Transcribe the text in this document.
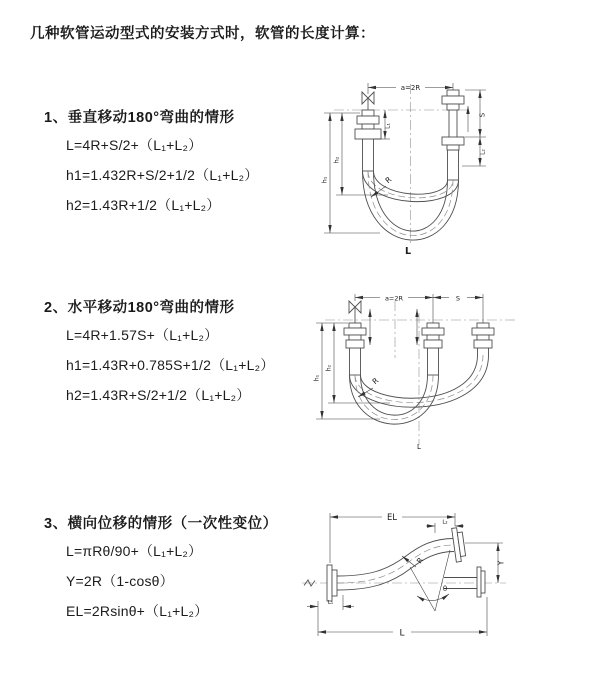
几种软管运动型式的安装方式时，软管的长度计算：
1、垂直移动180°弯曲的情形
L=4R+S/2+（L₁+L₂）
h1=1.432R+S/2+1/2（L₁+L₂）
h2=1.43R+1/2（L₁+L₂）
2、水平移动180°弯曲的情形
L=4R+1.57S+（L₁+L₂）
h1=1.43R+0.785S+1/2（L₁+L₂）
h2=1.43R+S/2+1/2（L₁+L₂）
3、横向位移的情形（一次性变位）
L=πRθ/90+（L₁+L₂）
Y=2R（1-cosθ）
EL=2Rsinθ+（L₁+L₂）
a=2R
h₁
h₂
L₁
S
L₂
R
L
a=2R	S
h₁
h₂
R
L
EL	L₂
Y
R
θ
L
L₁
